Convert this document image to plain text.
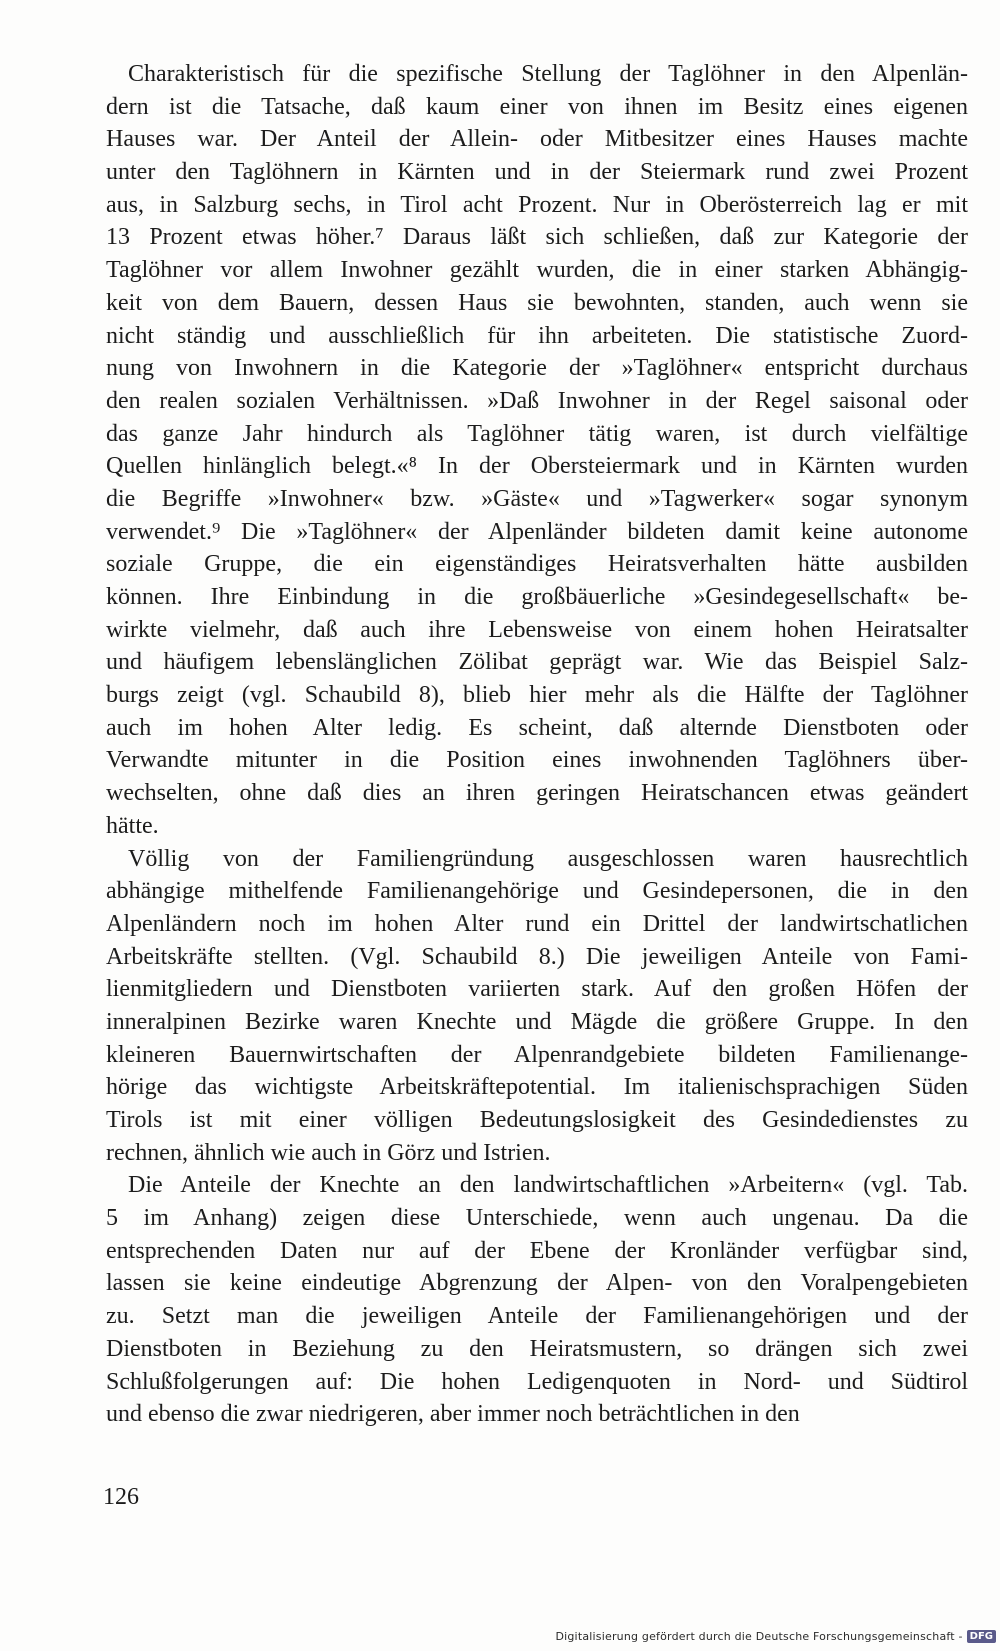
Charakteristisch für die spezifische Stellung der Taglöhner in den Alpenlän-
dern ist die Tatsache, daß kaum einer von ihnen im Besitz eines eigenen
Hauses war. Der Anteil der Allein- oder Mitbesitzer eines Hauses machte
unter den Taglöhnern in Kärnten und in der Steiermark rund zwei Prozent
aus, in Salzburg sechs, in Tirol acht Prozent. Nur in Oberösterreich lag er mit
13 Prozent etwas höher.⁷ Daraus läßt sich schließen, daß zur Kategorie der
Taglöhner vor allem Inwohner gezählt wurden, die in einer starken Abhängig-
keit von dem Bauern, dessen Haus sie bewohnten, standen, auch wenn sie
nicht ständig und ausschließlich für ihn arbeiteten. Die statistische Zuord-
nung von Inwohnern in die Kategorie der »Taglöhner« entspricht durchaus
den realen sozialen Verhältnissen. »Daß Inwohner in der Regel saisonal oder
das ganze Jahr hindurch als Taglöhner tätig waren, ist durch vielfältige
Quellen hinlänglich belegt.«⁸ In der Obersteiermark und in Kärnten wurden
die Begriffe »Inwohner« bzw. »Gäste« und »Tagwerker« sogar synonym
verwendet.⁹ Die »Taglöhner« der Alpenländer bildeten damit keine autonome
soziale Gruppe, die ein eigenständiges Heiratsverhalten hätte ausbilden
können. Ihre Einbindung in die großbäuerliche »Gesindegesellschaft« be-
wirkte vielmehr, daß auch ihre Lebensweise von einem hohen Heiratsalter
und häufigem lebenslänglichen Zölibat geprägt war. Wie das Beispiel Salz-
burgs zeigt (vgl. Schaubild 8), blieb hier mehr als die Hälfte der Taglöhner
auch im hohen Alter ledig. Es scheint, daß alternde Dienstboten oder
Verwandte mitunter in die Position eines inwohnenden Taglöhners über-
wechselten, ohne daß dies an ihren geringen Heiratschancen etwas geändert
hätte.
Völlig von der Familiengründung ausgeschlossen waren hausrechtlich
abhängige mithelfende Familienangehörige und Gesindepersonen, die in den
Alpenländern noch im hohen Alter rund ein Drittel der landwirtschatlichen
Arbeitskräfte stellten. (Vgl. Schaubild 8.) Die jeweiligen Anteile von Fami-
lienmitgliedern und Dienstboten variierten stark. Auf den großen Höfen der
inneralpinen Bezirke waren Knechte und Mägde die größere Gruppe. In den
kleineren Bauernwirtschaften der Alpenrandgebiete bildeten Familienange-
hörige das wichtigste Arbeitskräftepotential. Im italienischsprachigen Süden
Tirols ist mit einer völligen Bedeutungslosigkeit des Gesindedienstes zu
rechnen, ähnlich wie auch in Görz und Istrien.
Die Anteile der Knechte an den landwirtschaftlichen »Arbeitern« (vgl. Tab.
5 im Anhang) zeigen diese Unterschiede, wenn auch ungenau. Da die
entsprechenden Daten nur auf der Ebene der Kronländer verfügbar sind,
lassen sie keine eindeutige Abgrenzung der Alpen- von den Voralpengebieten
zu. Setzt man die jeweiligen Anteile der Familienangehörigen und der
Dienstboten in Beziehung zu den Heiratsmustern, so drängen sich zwei
Schlußfolgerungen auf: Die hohen Ledigenquoten in Nord- und Südtirol
und ebenso die zwar niedrigeren, aber immer noch beträchtlichen in den
126
Digitalisierung gefördert durch die Deutsche Forschungsgemeinschaft - DFG
